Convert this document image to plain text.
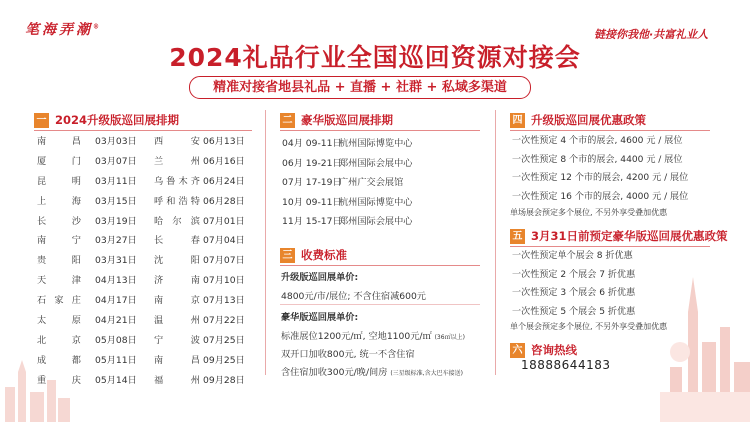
笔海弄潮®
链接你我他·共富礼业人
2024礼品行业全国巡回资源对接会
精准对接省地县礼品 + 直播 + 社群 + 私域多渠道
一 2024升级版巡回展排期
南昌 03月03日 西安 06月13日
厦门 03月07日 兰州 06月16日
昆明 03月11日 乌鲁木齐 06月24日
上海 03月15日 呼和浩特 06月28日
长沙 03月19日 哈尔滨 07月01日
南宁 03月27日 长春 07月04日
贵阳 03月31日 沈阳 07月07日
天津 04月13日 济南 07月10日
石家庄 04月17日 南京 07月13日
太原 04月21日 温州 07月22日
北京 05月08日 宁波 07月25日
成都 05月11日 南昌 09月25日
重庆 05月14日 福州 09月28日
二 豪华版巡回展排期
04月 09-11日杭州国际博览中心
06月 19-21日郑州国际会展中心
07月 17-19日广州广交会展馆
10月 09-11日杭州国际博览中心
11月 15-17日郑州国际会展中心
三 收费标准
升级版巡回展单价:
4800元/市/展位; 不含住宿减600元
豪华版巡回展单价:
标准展位1200元/㎡, 空地1100元/㎡ (36㎡以上)
双开口加收800元, 统一不含住宿
含住宿加收300元/晚/间房 (三星级标准,含大巴车接送)
四 升级版巡回展优惠政策
一次性预定 4 个市的展会, 4600 元 / 展位
一次性预定 8 个市的展会, 4400 元 / 展位
一次性预定 12 个市的展会, 4200 元 / 展位
一次性预定 16 个市的展会, 4000 元 / 展位
单场展会预定多个展位, 不另外享受叠加优惠
五 3月31日前预定豪华版巡回展优惠政策
一次性预定单个展会 8 折优惠
一次性预定 2 个展会 7 折优惠
一次性预定 3 个展会 6 折优惠
一次性预定 5 个展会 5 折优惠
单个展会预定多个展位, 不另外享受叠加优惠
六 咨询热线
18888644183
